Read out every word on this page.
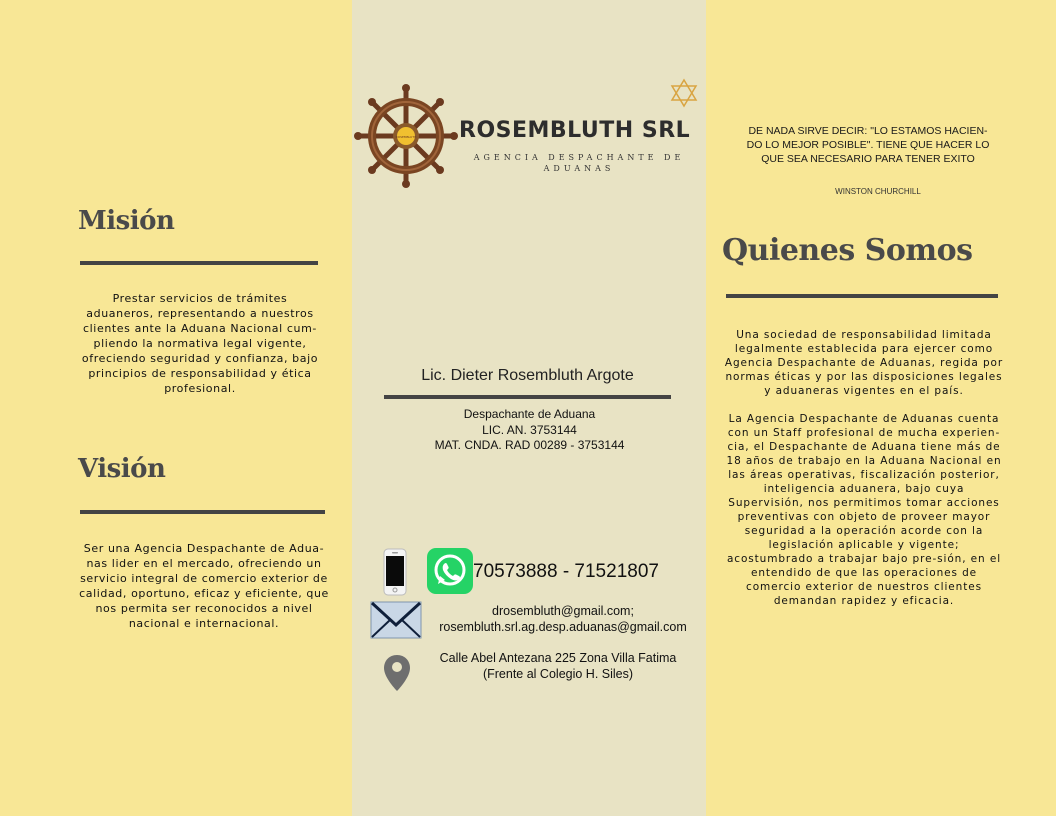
Misión

Prestar servicios de trámites aduaneros, representando a nuestros clientes ante la Aduana Nacional cum-pliendo la normativa legal vigente, ofreciendo seguridad y confianza, bajo principios de responsabilidad y ética profesional.

Visión

Ser una Agencia Despachante de Adua-nas lider en el mercado, ofreciendo un servicio integral de comercio exterior de calidad, oportuno, eficaz y eficiente, que nos permita ser reconocidos a nivel nacional e internacional.

ROSEMBLUTH ROSEMBLUTH SRL

AGENCIA DESPACHANTE DE ADUANAS

Lic. Dieter Rosembluth Argote

Despachante de Aduana
LIC. AN. 3753144
MAT. CNDA. RAD 00289 - 3753144

70573888 - 71521807

drosembluth@gmail.com;
rosembluth.srl.ag.desp.aduanas@gmail.com
Calle Abel Antezana 225 Zona Villa Fatima
(Frente al Colegio H. Siles)

DE NADA SIRVE DECIR: "LO ESTAMOS HACIEN-DO LO MEJOR POSIBLE". TIENE QUE HACER LO QUE SEA NECESARIO PARA TENER EXITO

WINSTON CHURCHILL

Quienes Somos

Una sociedad de responsabilidad limitada legalmente establecida para ejercer como Agencia Despachante de Aduanas, regida por normas éticas y por las disposiciones legales y aduaneras vigentes en el país.

La Agencia Despachante de Aduanas cuenta con un Staff profesional de mucha experien-cia, el Despachante de Aduana tiene más de 18 años de trabajo en la Aduana Nacional en las áreas operativas, fiscalización posterior, inteligencia aduanera, bajo cuya Supervisión, nos permitimos tomar acciones preventivas con objeto de proveer mayor seguridad a la operación acorde con la legislación aplicable y vigente; acostumbrado a trabajar bajo pre-sión, en el entendido de que las operaciones de comercio exterior de nuestros clientes demandan rapidez y eficacia.
